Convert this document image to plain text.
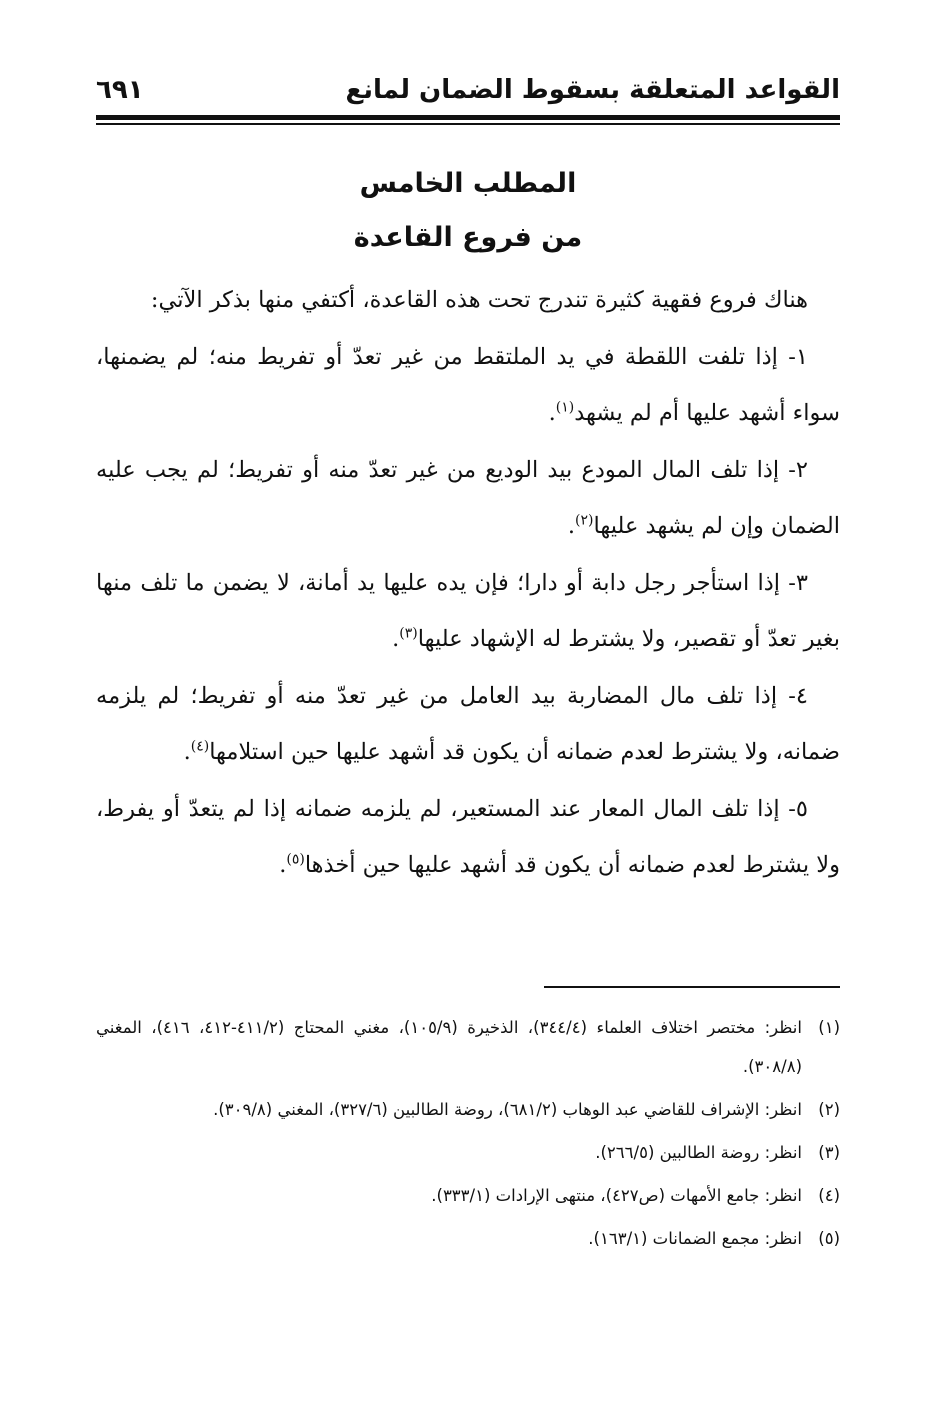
القواعد المتعلقة بسقوط الضمان لمانع
٦٩١
المطلب الخامس
من فروع القاعدة

هناك فروع فقهية كثيرة تندرج تحت هذه القاعدة، أكتفي منها بذكر الآتي:

١- إذا تلفت اللقطة في يد الملتقط من غير تعدّ أو تفريط منه؛ لم يضمنها، سواء أشهد عليها أم لم يشهد$^{(١)}$.

٢- إذا تلف المال المودع بيد الوديع من غير تعدّ منه أو تفريط؛ لم يجب عليه الضمان وإن لم يشهد عليها$^{(٢)}$.

٣- إذا استأجر رجل دابة أو دارا؛ فإن يده عليها يد أمانة، لا يضمن ما تلف منها بغير تعدّ أو تقصير، ولا يشترط له الإشهاد عليها$^{(٣)}$.

٤- إذا تلف مال المضاربة بيد العامل من غير تعدّ منه أو تفريط؛ لم يلزمه ضمانه، ولا يشترط لعدم ضمانه أن يكون قد أشهد عليها حين استلامها$^{(٤)}$.

٥- إذا تلف المال المعار عند المستعير، لم يلزمه ضمانه إذا لم يتعدّ أو يفرط، ولا يشترط لعدم ضمانه أن يكون قد أشهد عليها حين أخذها$^{(٥)}$.

(١)
انظر: مختصر اختلاف العلماء (٣٤٤/٤)، الذخيرة (١٠٥/٩)، مغني المحتاج (٤١١/٢-٤١٢، ٤١٦)، المغني (٣٠٨/٨).

(٢)
انظر: الإشراف للقاضي عبد الوهاب (٦٨١/٢)، روضة الطالبين (٣٢٧/٦)، المغني (٣٠٩/٨).

(٣)
انظر: روضة الطالبين (٢٦٦/٥).

(٤)
انظر: جامع الأمهات (ص٤٢٧)، منتهى الإرادات (٣٣٣/١).

(٥)
انظر: مجمع الضمانات (١٦٣/١).
